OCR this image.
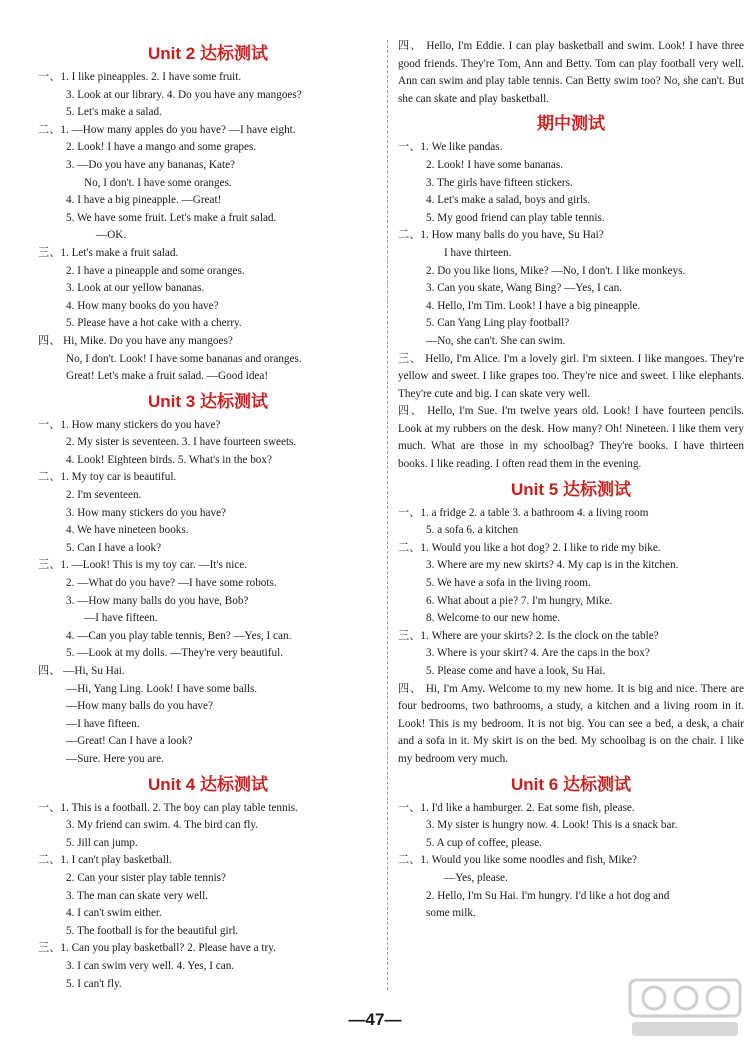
Unit 2 达标测试
一、1. I like pineapples. 2. I have some fruit.
3. Look at our library. 4. Do you have any mangoes?
5. Let's make a salad.
二、1. —How many apples do you have? —I have eight.
2. Look! I have a mango and some grapes.
3. —Do you have any bananas, Kate?
No, I don't. I have some oranges.
4. I have a big pineapple. —Great!
5. We have some fruit. Let's make a fruit salad.
—OK.
三、1. Let's make a fruit salad.
2. I have a pineapple and some oranges.
3. Look at our yellow bananas.
4. How many books do you have?
5. Please have a hot cake with a cherry.
四、 Hi, Mike. Do you have any mangoes?
No, I don't. Look! I have some bananas and oranges.
Great! Let's make a fruit salad. —Good idea!
Unit 3 达标测试
一、1. How many stickers do you have?
2. My sister is seventeen. 3. I have fourteen sweets.
4. Look! Eighteen birds. 5. What's in the box?
二、1. My toy car is beautiful.
2. I'm seventeen.
3. How many stickers do you have?
4. We have nineteen books.
5. Can I have a look?
三、1. —Look! This is my toy car. —It's nice.
2. —What do you have? —I have some robots.
3. —How many balls do you have, Bob?
—I have fifteen.
4. —Can you play table tennis, Ben? —Yes, I can.
5. —Look at my dolls. —They're very beautiful.
四、 —Hi, Su Hai.
—Hi, Yang Ling. Look! I have some balls.
—How many balls do you have?
—I have fifteen.
—Great! Can I have a look?
—Sure. Here you are.
Unit 4 达标测试
一、1. This is a football. 2. The boy can play table tennis.
3. My friend can swim. 4. The bird can fly.
5. Jill can jump.
二、1. I can't play basketball.
2. Can your sister play table tennis?
3. The man can skate very well.
4. I can't swim either.
5. The football is for the beautiful girl.
三、1. Can you play basketball? 2. Please have a try.
3. I can swim very well. 4. Yes, I can.
5. I can't fly.
四、 Hello, I'm Eddie. I can play basketball and swim. Look! I have three good friends. They're Tom, Ann and Betty. Tom can play football very well. Ann can swim and play table tennis. Can Betty swim too? No, she can't. But she can skate and play basketball.
期中测试
一、1. We like pandas.
2. Look! I have some bananas.
3. The girls have fifteen stickers.
4. Let's make a salad, boys and girls.
5. My good friend can play table tennis.
二、1. How many balls do you have, Su Hai?
I have thirteen.
2. Do you like lions, Mike? —No, I don't. I like monkeys.
3. Can you skate, Wang Bing? —Yes, I can.
4. Hello, I'm Tim. Look! I have a big pineapple.
5. Can Yang Ling play football?
—No, she can't. She can swim.
三、 Hello, I'm Alice. I'm a lovely girl. I'm sixteen. I like mangoes. They're yellow and sweet. I like grapes too. They're nice and sweet. I like elephants. They're cute and big. I can skate very well.
四、 Hello, I'm Sue. I'm twelve years old. Look! I have fourteen pencils. Look at my rubbers on the desk. How many? Oh! Nineteen. I like them very much. What are those in my schoolbag? They're books. I have thirteen books. I like reading. I often read them in the evening.
Unit 5 达标测试
一、1. a fridge 2. a table 3. a bathroom 4. a living room
5. a sofa 6. a kitchen
二、1. Would you like a hot dog? 2. I like to ride my bike.
3. Where are my new skirts? 4. My cap is in the kitchen.
5. We have a sofa in the living room.
6. What about a pie? 7. I'm hungry, Mike.
8. Welcome to our new home.
三、1. Where are your skirts? 2. Is the clock on the table?
3. Where is your skirt? 4. Are the caps in the box?
5. Please come and have a look, Su Hai.
四、 Hi, I'm Amy. Welcome to my new home. It is big and nice. There are four bedrooms, two bathrooms, a study, a kitchen and a living room in it. Look! This is my bedroom. It is not big. You can see a bed, a desk, a chair and a sofa in it. My skirt is on the bed. My schoolbag is on the chair. I like my bedroom very much.
Unit 6 达标测试
一、1. I'd like a hamburger. 2. Eat some fish, please.
3. My sister is hungry now. 4. Look! This is a snack bar.
5. A cup of coffee, please.
二、1. Would you like some noodles and fish, Mike?
—Yes, please.
2. Hello, I'm Su Hai. I'm hungry. I'd like a hot dog and
some milk.
—47—
